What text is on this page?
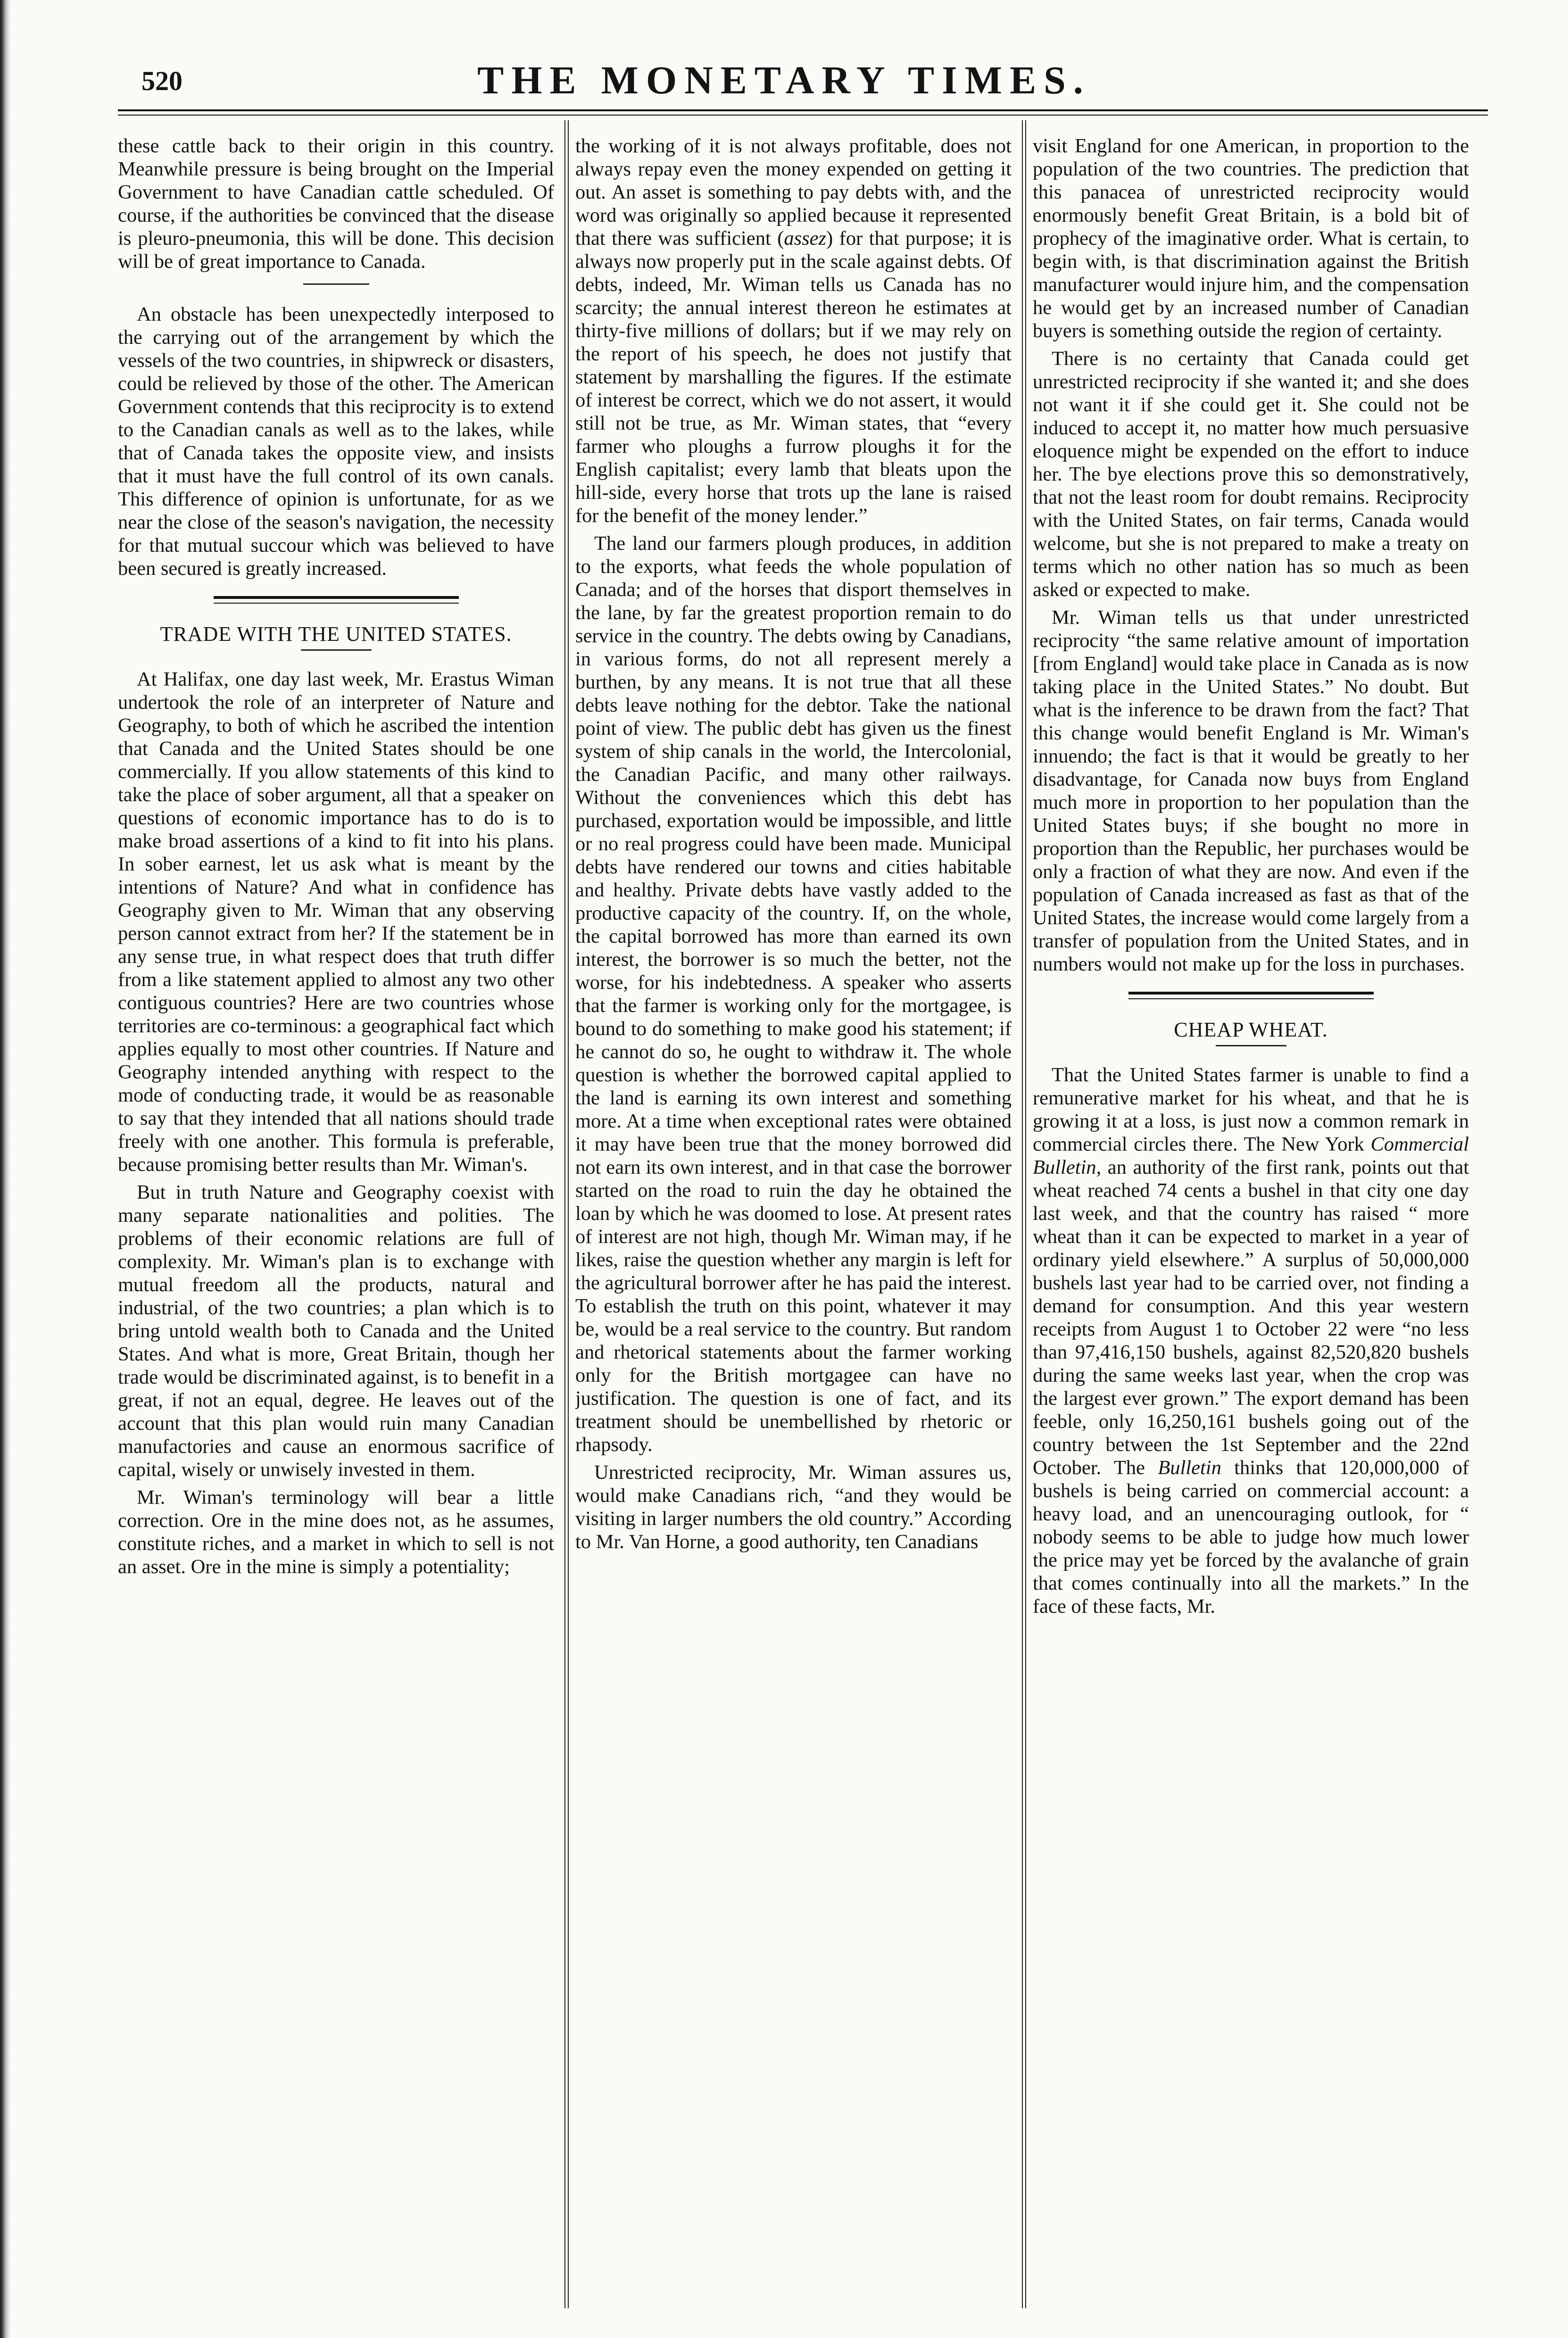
520	THE MONETARY TIMES.

these cattle back to their origin in this country. Meanwhile pressure is being brought on the Imperial Government to have Canadian cattle scheduled. Of course, if the authorities be convinced that the disease is pleuro-pneumonia, this will be done. This decision will be of great importance to Canada.

An obstacle has been unexpectedly interposed to the carrying out of the arrangement by which the vessels of the two countries, in shipwreck or disasters, could be relieved by those of the other. The American Government contends that this reciprocity is to extend to the Canadian canals as well as to the lakes, while that of Canada takes the opposite view, and insists that it must have the full control of its own canals. This difference of opinion is unfortunate, for as we near the close of the season's navigation, the necessity for that mutual succour which was believed to have been secured is greatly increased.

TRADE WITH THE UNITED STATES.

At Halifax, one day last week, Mr. Erastus Wiman undertook the role of an interpreter of Nature and Geography, to both of which he ascribed the intention that Canada and the United States should be one commercially. If you allow statements of this kind to take the place of sober argument, all that a speaker on questions of economic importance has to do is to make broad assertions of a kind to fit into his plans. In sober earnest, let us ask what is meant by the intentions of Nature? And what in confidence has Geography given to Mr. Wiman that any observing person cannot extract from her? If the statement be in any sense true, in what respect does that truth differ from a like statement applied to almost any two other contiguous countries? Here are two countries whose territories are co-terminous: a geographical fact which applies equally to most other countries. If Nature and Geography intended anything with respect to the mode of conducting trade, it would be as reasonable to say that they intended that all nations should trade freely with one another. This formula is preferable, because promising better results than Mr. Wiman's.

But in truth Nature and Geography coexist with many separate nationalities and polities. The problems of their economic relations are full of complexity. Mr. Wiman's plan is to exchange with mutual freedom all the products, natural and industrial, of the two countries; a plan which is to bring untold wealth both to Canada and the United States. And what is more, Great Britain, though her trade would be discriminated against, is to benefit in a great, if not an equal, degree. He leaves out of the account that this plan would ruin many Canadian manufactories and cause an enormous sacrifice of capital, wisely or unwisely invested in them.

Mr. Wiman's terminology will bear a little correction. Ore in the mine does not, as he assumes, constitute riches, and a market in which to sell is not an asset. Ore in the mine is simply a potentiality;

the working of it is not always profitable, does not always repay even the money expended on getting it out. An asset is something to pay debts with, and the word was originally so applied because it represented that there was sufficient (assez) for that purpose; it is always now properly put in the scale against debts. Of debts, indeed, Mr. Wiman tells us Canada has no scarcity; the annual interest thereon he estimates at thirty-five millions of dollars; but if we may rely on the report of his speech, he does not justify that statement by marshalling the figures. If the estimate of interest be correct, which we do not assert, it would still not be true, as Mr. Wiman states, that “every farmer who ploughs a furrow ploughs it for the English capitalist; every lamb that bleats upon the hill-side, every horse that trots up the lane is raised for the benefit of the money lender.”

The land our farmers plough produces, in addition to the exports, what feeds the whole population of Canada; and of the horses that disport themselves in the lane, by far the greatest proportion remain to do service in the country. The debts owing by Canadians, in various forms, do not all represent merely a burthen, by any means. It is not true that all these debts leave nothing for the debtor. Take the national point of view. The public debt has given us the finest system of ship canals in the world, the Intercolonial, the Canadian Pacific, and many other railways. Without the conveniences which this debt has purchased, exportation would be impossible, and little or no real progress could have been made. Municipal debts have rendered our towns and cities habitable and healthy. Private debts have vastly added to the productive capacity of the country. If, on the whole, the capital borrowed has more than earned its own interest, the borrower is so much the better, not the worse, for his indebtedness. A speaker who asserts that the farmer is working only for the mortgagee, is bound to do something to make good his statement; if he cannot do so, he ought to withdraw it. The whole question is whether the borrowed capital applied to the land is earning its own interest and something more. At a time when exceptional rates were obtained it may have been true that the money borrowed did not earn its own interest, and in that case the borrower started on the road to ruin the day he obtained the loan by which he was doomed to lose. At present rates of interest are not high, though Mr. Wiman may, if he likes, raise the question whether any margin is left for the agricultural borrower after he has paid the interest. To establish the truth on this point, whatever it may be, would be a real service to the country. But random and rhetorical statements about the farmer working only for the British mortgagee can have no justification. The question is one of fact, and its treatment should be unembellished by rhetoric or rhapsody.

Unrestricted reciprocity, Mr. Wiman assures us, would make Canadians rich, “and they would be visiting in larger numbers the old country.” According to Mr. Van Horne, a good authority, ten Canadians

visit England for one American, in proportion to the population of the two countries. The prediction that this panacea of unrestricted reciprocity would enormously benefit Great Britain, is a bold bit of prophecy of the imaginative order. What is certain, to begin with, is that discrimination against the British manufacturer would injure him, and the compensation he would get by an increased number of Canadian buyers is something outside the region of certainty.

There is no certainty that Canada could get unrestricted reciprocity if she wanted it; and she does not want it if she could get it. She could not be induced to accept it, no matter how much persuasive eloquence might be expended on the effort to induce her. The bye elections prove this so demonstratively, that not the least room for doubt remains. Reciprocity with the United States, on fair terms, Canada would welcome, but she is not prepared to make a treaty on terms which no other nation has so much as been asked or expected to make.

Mr. Wiman tells us that under unrestricted reciprocity “the same relative amount of importation [from England] would take place in Canada as is now taking place in the United States.” No doubt. But what is the inference to be drawn from the fact? That this change would benefit England is Mr. Wiman's innuendo; the fact is that it would be greatly to her disadvantage, for Canada now buys from England much more in proportion to her population than the United States buys; if she bought no more in proportion than the Republic, her purchases would be only a fraction of what they are now. And even if the population of Canada increased as fast as that of the United States, the increase would come largely from a transfer of population from the United States, and in numbers would not make up for the loss in purchases.

CHEAP WHEAT.

That the United States farmer is unable to find a remunerative market for his wheat, and that he is growing it at a loss, is just now a common remark in commercial circles there. The New York Commercial Bulletin, an authority of the first rank, points out that wheat reached 74 cents a bushel in that city one day last week, and that the country has raised “ more wheat than it can be expected to market in a year of ordinary yield elsewhere.” A surplus of 50,000,000 bushels last year had to be carried over, not finding a demand for consumption. And this year western receipts from August 1 to October 22 were “no less than 97,416,150 bushels, against 82,520,820 bushels during the same weeks last year, when the crop was the largest ever grown.” The export demand has been feeble, only 16,250,161 bushels going out of the country between the 1st September and the 22nd October. The Bulletin thinks that 120,000,000 of bushels is being carried on commercial account: a heavy load, and an unencouraging outlook, for “ nobody seems to be able to judge how much lower the price may yet be forced by the avalanche of grain that comes continually into all the markets.” In the face of these facts, Mr.
